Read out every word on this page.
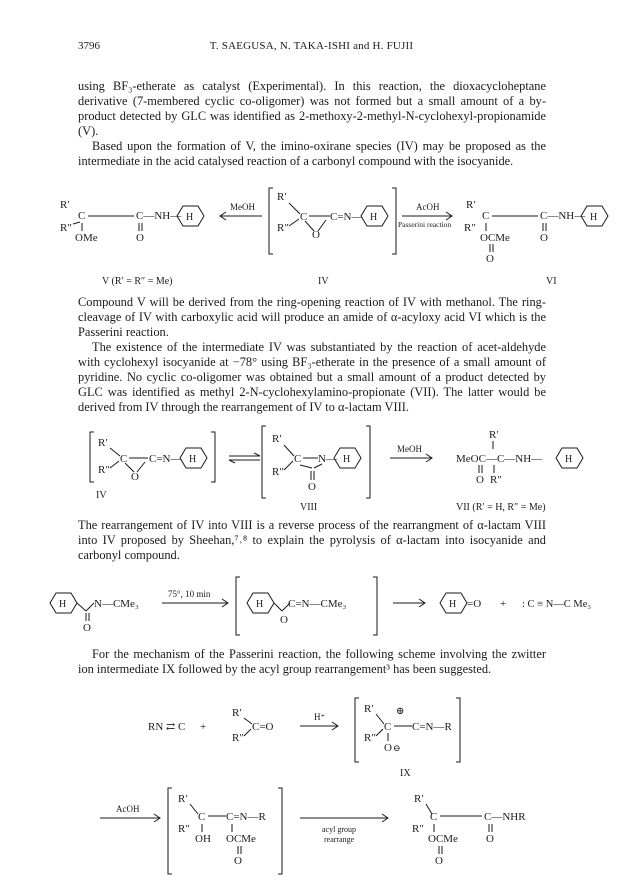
3796	T. SAEGUSA, N. TAKA-ISHI and H. FUJII

using BF₃-etherate as catalyst (Experimental). In this reaction, the dioxacycloheptane derivative (7-membered cyclic co-oligomer) was not formed but a small amount of a by-product detected by GLC was identified as 2-methoxy-2-methyl-N-cyclohexyl-propionamide (V).

Based upon the formation of V, the imino-oxirane species (IV) may be proposed as the intermediate in the acid catalysed reaction of a carbonyl compound with the isocyanide.

R′
C	C—NH— H
R″
OMe	O
MeOH
R′
C
R″
O
C=N— H
AcOH
Passerini reaction
R′
C	C—NH— H
R″
OCMe	O
O
V (R′ = R″ = Me)	IV	VI

Compound V will be derived from the ring-opening reaction of IV with methanol. The ring-cleavage of IV with carboxylic acid will produce an amide of α-acyloxy acid VI which is the Passerini reaction.

The existence of the intermediate IV was substantiated by the reaction of acet-aldehyde with cyclohexyl isocyanide at −78° using BF₃-etherate in the presence of a small amount of pyridine. No cyclic co-oligomer was obtained but a small amount of a product detected by GLC was identified as methyl 2-N-cyclohexylamino-propionate (VII). The latter would be derived from IV through the rearrangement of IV to α-lactam VIII.

R′
C
R″
O
C=N— H
R′
C
R″
N— H
O
MeOH
R′
MeOC—C—NH— H
O R″
IV
VIII	VII (R′ = H, R″ = Me)

The rearrangement of IV into VIII is a reverse process of the rearrangment of α-lactam VIII into IV proposed by Sheehan,⁷˒⁸ to explain the pyrolysis of α-lactam into isocyanide and carbonyl compound.

H	N—CMe₃
O
75°, 10 min
H C=N—CMe₃
O
H =O + : C ≡ N—C Me₃

For the mechanism of the Passerini reaction, the following scheme involving the zwitter ion intermediate IX followed by the acyl group rearrangement³ has been suggested.

RN ⇄ C +
R′
C=O
R″
H⁺
R′ ⊕
C C=N—R
R″
O ⊖
IX
AcOH
R′
C C=N—R
R″
OH OCMe
O
acyl group
rearrange
R′
C	C—NHR
R″
OCMe	O
O
